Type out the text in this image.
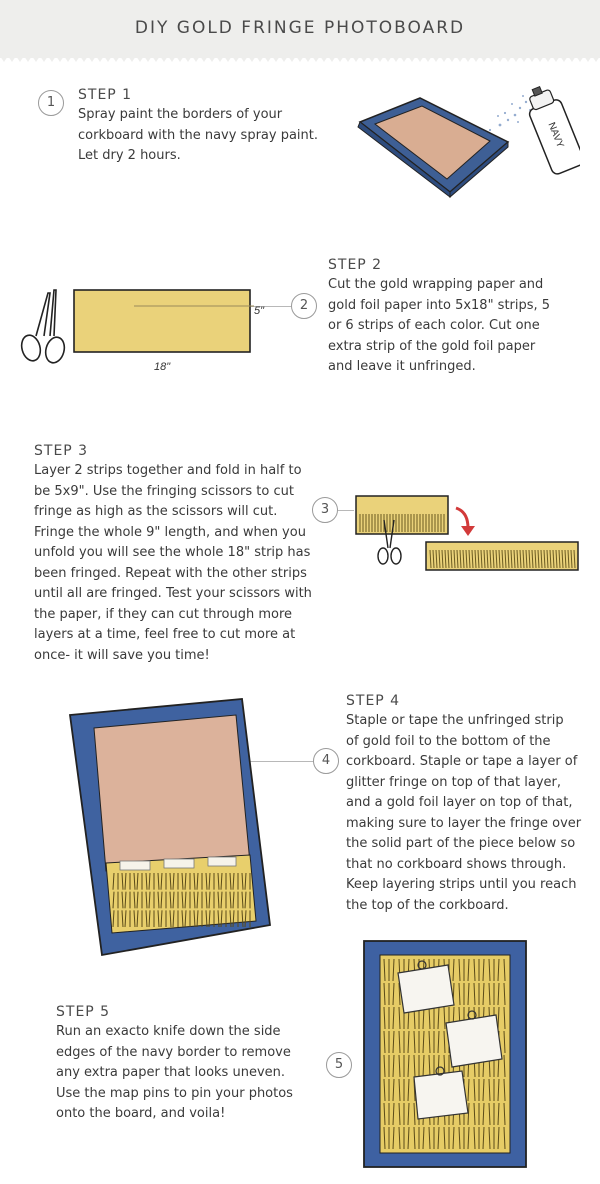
DIY GOLD FRINGE PHOTOBOARD
1	STEP 1
Spray paint the borders of your
corkboard with the navy spray paint.
Let dry 2 hours.
NAVY
STEP 2
Cut the gold wrapping paper and
gold foil paper into 5x18" strips, 5
or 6 strips of each color. Cut one
extra strip of the gold foil paper
and leave it unfringed.
2
5"
18"
STEP 3
Layer 2 strips together and fold in half to
be 5x9". Use the fringing scissors to cut
fringe as high as the scissors will cut.
Fringe the whole 9" length, and when you
unfold you will see the whole 18" strip has
been fringed. Repeat with the other strips
until all are fringed. Test your scissors with
the paper, if they can cut through more
layers at a time, feel free to cut more at
once- it will save you time!
3
STEP 4
Staple or tape the unfringed strip
of gold foil to the bottom of the
corkboard. Staple or tape a layer of
glitter fringe on top of that layer,
and a gold foil layer on top of that,
making sure to layer the fringe over
the solid part of the piece below so
that no corkboard shows through.
Keep layering strips until you reach
the top of the corkboard.
4
STEP 5
Run an exacto knife down the side
edges of the navy border to remove
any extra paper that looks uneven.
Use the map pins to pin your photos
onto the board, and voila!
5
